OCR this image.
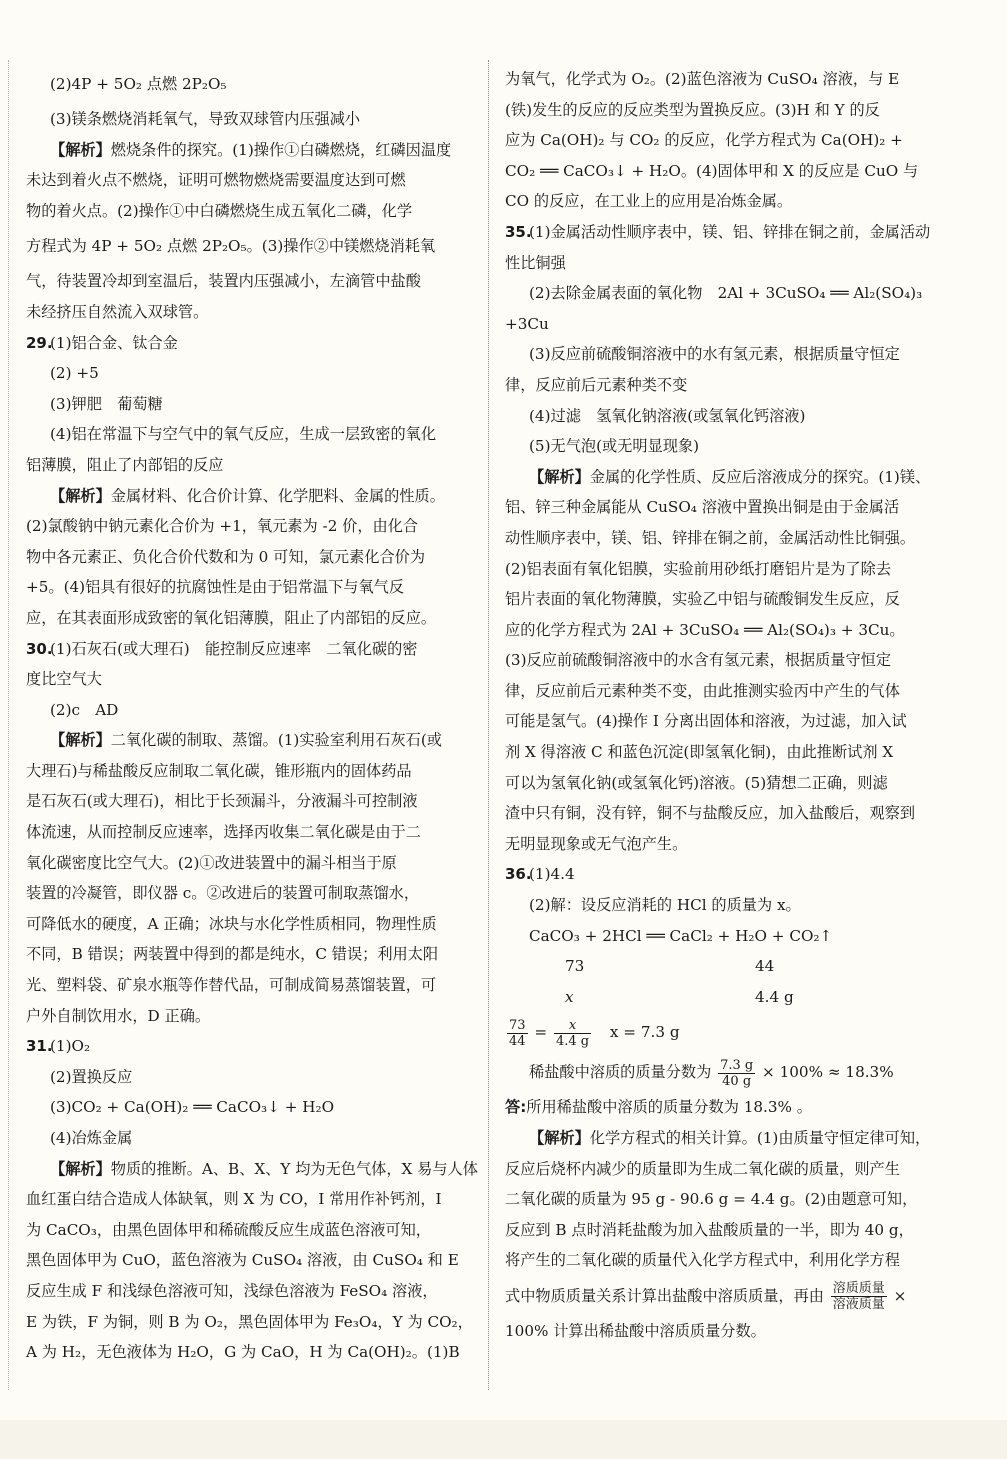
(2)4P + 5O₂ 点燃 2P₂O₅
(3)镁条燃烧消耗氧气，导致双球管内压强减小
【解析】燃烧条件的探究。(1)操作①白磷燃烧，红磷因温度
未达到着火点不燃烧，证明可燃物燃烧需要温度达到可燃
物的着火点。(2)操作①中白磷燃烧生成五氧化二磷，化学
方程式为 4P + 5O₂ 点燃 2P₂O₅。(3)操作②中镁燃烧消耗氧
气，待装置冷却到室温后，装置内压强减小，左滴管中盐酸
未经挤压自然流入双球管。
29.(1)铝合金、钛合金
(2) +5
(3)钾肥　葡萄糖
(4)铝在常温下与空气中的氧气反应，生成一层致密的氧化
铝薄膜，阻止了内部铝的反应
【解析】金属材料、化合价计算、化学肥料、金属的性质。
(2)氯酸钠中钠元素化合价为 +1，氧元素为 -2 价，由化合
物中各元素正、负化合价代数和为 0 可知，氯元素化合价为
+5。(4)铝具有很好的抗腐蚀性是由于铝常温下与氧气反
应，在其表面形成致密的氧化铝薄膜，阻止了内部铝的反应。
30.(1)石灰石(或大理石)　能控制反应速率　二氧化碳的密
度比空气大
(2)c　AD
【解析】二氧化碳的制取、蒸馏。(1)实验室利用石灰石(或
大理石)与稀盐酸反应制取二氧化碳，锥形瓶内的固体药品
是石灰石(或大理石)，相比于长颈漏斗，分液漏斗可控制液
体流速，从而控制反应速率，选择丙收集二氧化碳是由于二
氧化碳密度比空气大。(2)①改进装置中的漏斗相当于原
装置的冷凝管，即仪器 c。②改进后的装置可制取蒸馏水，
可降低水的硬度，A 正确；冰块与水化学性质相同，物理性质
不同，B 错误；两装置中得到的都是纯水，C 错误；利用太阳
光、塑料袋、矿泉水瓶等作替代品，可制成简易蒸馏装置，可
户外自制饮用水，D 正确。
31.(1)O₂
(2)置换反应
(3)CO₂ + Ca(OH)₂ ══ CaCO₃↓ + H₂O
(4)冶炼金属
【解析】物质的推断。A、B、X、Y 均为无色气体，X 易与人体
血红蛋白结合造成人体缺氧，则 X 为 CO，I 常用作补钙剂，I
为 CaCO₃，由黑色固体甲和稀硫酸反应生成蓝色溶液可知，
黑色固体甲为 CuO，蓝色溶液为 CuSO₄ 溶液，由 CuSO₄ 和 E
反应生成 F 和浅绿色溶液可知，浅绿色溶液为 FeSO₄ 溶液，
E 为铁，F 为铜，则 B 为 O₂，黑色固体甲为 Fe₃O₄，Y 为 CO₂，
A 为 H₂，无色液体为 H₂O，G 为 CaO，H 为 Ca(OH)₂。(1)B
为氧气，化学式为 O₂。(2)蓝色溶液为 CuSO₄ 溶液，与 E
(铁)发生的反应的反应类型为置换反应。(3)H 和 Y 的反
应为 Ca(OH)₂ 与 CO₂ 的反应，化学方程式为 Ca(OH)₂ +
CO₂ ══ CaCO₃↓ + H₂O。(4)固体甲和 X 的反应是 CuO 与
CO 的反应，在工业上的应用是冶炼金属。
35.(1)金属活动性顺序表中，镁、铝、锌排在铜之前，金属活动
性比铜强
(2)去除金属表面的氧化物　2Al + 3CuSO₄ ══ Al₂(SO₄)₃
+3Cu
(3)反应前硫酸铜溶液中的水有氢元素，根据质量守恒定
律，反应前后元素种类不变
(4)过滤　氢氧化钠溶液(或氢氧化钙溶液)
(5)无气泡(或无明显现象)
【解析】金属的化学性质、反应后溶液成分的探究。(1)镁、
铝、锌三种金属能从 CuSO₄ 溶液中置换出铜是由于金属活
动性顺序表中，镁、铝、锌排在铜之前，金属活动性比铜强。
(2)铝表面有氧化铝膜，实验前用砂纸打磨铝片是为了除去
铝片表面的氧化物薄膜，实验乙中铝与硫酸铜发生反应，反
应的化学方程式为 2Al + 3CuSO₄ ══ Al₂(SO₄)₃ + 3Cu。
(3)反应前硫酸铜溶液中的水含有氢元素，根据质量守恒定
律，反应前后元素种类不变，由此推测实验丙中产生的气体
可能是氢气。(4)操作 I 分离出固体和溶液，为过滤，加入试
剂 X 得溶液 C 和蓝色沉淀(即氢氧化铜)，由此推断试剂 X
可以为氢氧化钠(或氢氧化钙)溶液。(5)猜想二正确，则滤
渣中只有铜，没有锌，铜不与盐酸反应，加入盐酸后，观察到
无明显现象或无气泡产生。
36.(1)4.4
(2)解：设反应消耗的 HCl 的质量为 x。
CaCO₃ + 2HCl ══ CaCl₂ + H₂O + CO₂↑
73	44
x	4.4 g
$\frac{73}{44} = \frac{x}{4.4 g}$ x = 7.3 g
稀盐酸中溶质的质量分数为 $\frac{7.3 g}{40 g} \times 100\% \approx 18.3\%$
答:所用稀盐酸中溶质的质量分数为 18.3% 。
【解析】化学方程式的相关计算。(1)由质量守恒定律可知，
反应后烧杯内减少的质量即为生成二氧化碳的质量，则产生
二氧化碳的质量为 95 g - 90.6 g = 4.4 g。(2)由题意可知，
反应到 B 点时消耗盐酸为加入盐酸质量的一半，即为 40 g，
将产生的二氧化碳的质量代入化学方程式中，利用化学方程
式中物质质量关系计算出盐酸中溶质质量，再由 $\frac{\text{溶质质量}}{\text{溶液质量}}$ ×
100% 计算出稀盐酸中溶质质量分数。
